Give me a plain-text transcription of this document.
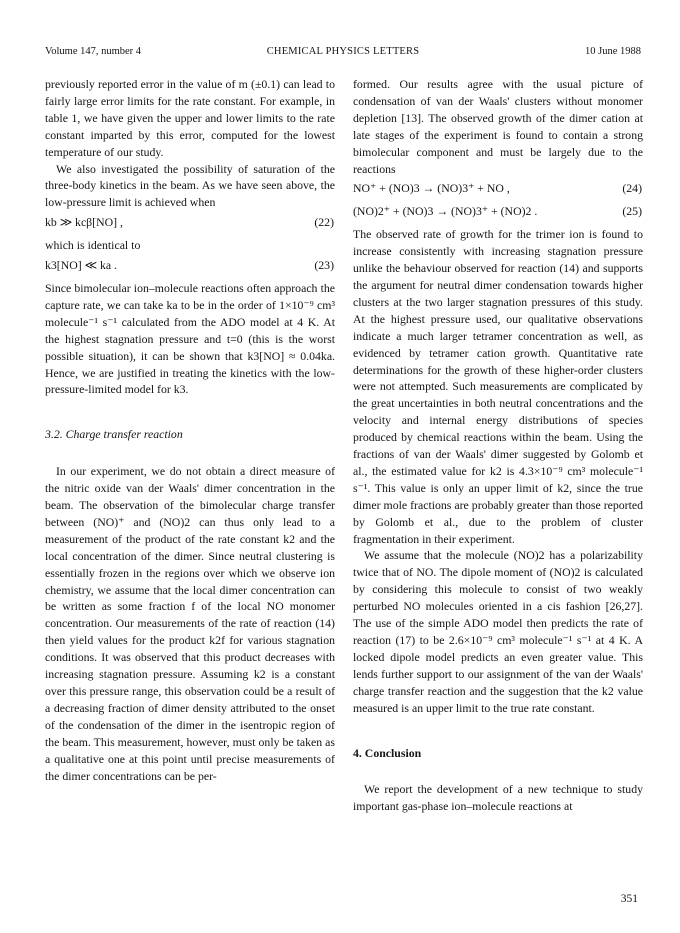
Volume 147, number 4	CHEMICAL PHYSICS LETTERS	10 June 1988

previously reported error in the value of m (±0.1) can lead to fairly large error limits for the rate constant. For example, in table 1, we have given the upper and lower limits to the rate constant imparted by this error, computed for the lowest temperature of our study.

We also investigated the possibility of saturation of the three-body kinetics in the beam. As we have seen above, the low-pressure limit is achieved when

kb ≫ kcβ[NO] ,	(22)

which is identical to

k3[NO] ≪ ka .	(23)

Since bimolecular ion–molecule reactions often approach the capture rate, we can take ka to be in the order of 1×10⁻⁹ cm³ molecule⁻¹ s⁻¹ calculated from the ADO model at 4 K. At the highest stagnation pressure and t=0 (this is the worst possible situation), it can be shown that k3[NO] ≈ 0.04ka. Hence, we are justified in treating the kinetics with the low-pressure-limited model for k3.

3.2. Charge transfer reaction

In our experiment, we do not obtain a direct measure of the nitric oxide van der Waals' dimer concentration in the beam. The observation of the bimolecular charge transfer between (NO)⁺ and (NO)2 can thus only lead to a measurement of the product of the rate constant k2 and the local concentration of the dimer. Since neutral clustering is essentially frozen in the regions over which we observe ion chemistry, we assume that the local dimer concentration can be written as some fraction f of the local NO monomer concentration. Our measurements of the rate of reaction (14) then yield values for the product k2f for various stagnation conditions. It was observed that this product decreases with increasing stagnation pressure. Assuming k2 is a constant over this pressure range, this observation could be a result of a decreasing fraction of dimer density attributed to the onset of the condensation of the dimer in the isentropic region of the beam. This measurement, however, must only be taken as a qualitative one at this point until precise measurements of the dimer concentrations can be per-

formed. Our results agree with the usual picture of condensation of van der Waals' clusters without monomer depletion [13]. The observed growth of the dimer cation at late stages of the experiment is found to contain a strong bimolecular component and must be largely due to the reactions

NO⁺ + (NO)3 → (NO)3⁺ + NO ,	(24)
(NO)2⁺ + (NO)3 → (NO)3⁺ + (NO)2 .	(25)

The observed rate of growth for the trimer ion is found to increase consistently with increasing stagnation pressure unlike the behaviour observed for reaction (14) and supports the argument for neutral dimer condensation towards higher clusters at the two larger stagnation pressures of this study. At the highest pressure used, our qualitative observations indicate a much larger tetramer concentration as well, as evidenced by tetramer cation growth. Quantitative rate determinations for the growth of these higher-order clusters were not attempted. Such measurements are complicated by the great uncertainties in both neutral concentrations and the velocity and internal energy distributions of species produced by chemical reactions within the beam. Using the fractions of van der Waals' dimer suggested by Golomb et al., the estimated value for k2 is 4.3×10⁻⁹ cm³ molecule⁻¹ s⁻¹. This value is only an upper limit of k2, since the true dimer mole fractions are probably greater than those reported by Golomb et al., due to the problem of cluster fragmentation in their experiment.

We assume that the molecule (NO)2 has a polarizability twice that of NO. The dipole moment of (NO)2 is calculated by considering this molecule to consist of two weakly perturbed NO molecules oriented in a cis fashion [26,27]. The use of the simple ADO model then predicts the rate of reaction (17) to be 2.6×10⁻⁹ cm³ molecule⁻¹ s⁻¹ at 4 K. A locked dipole model predicts an even greater value. This lends further support to our assignment of the van der Waals' charge transfer reaction and the suggestion that the k2 value measured is an upper limit to the true rate constant.

4. Conclusion

We report the development of a new technique to study important gas-phase ion–molecule reactions at

351
